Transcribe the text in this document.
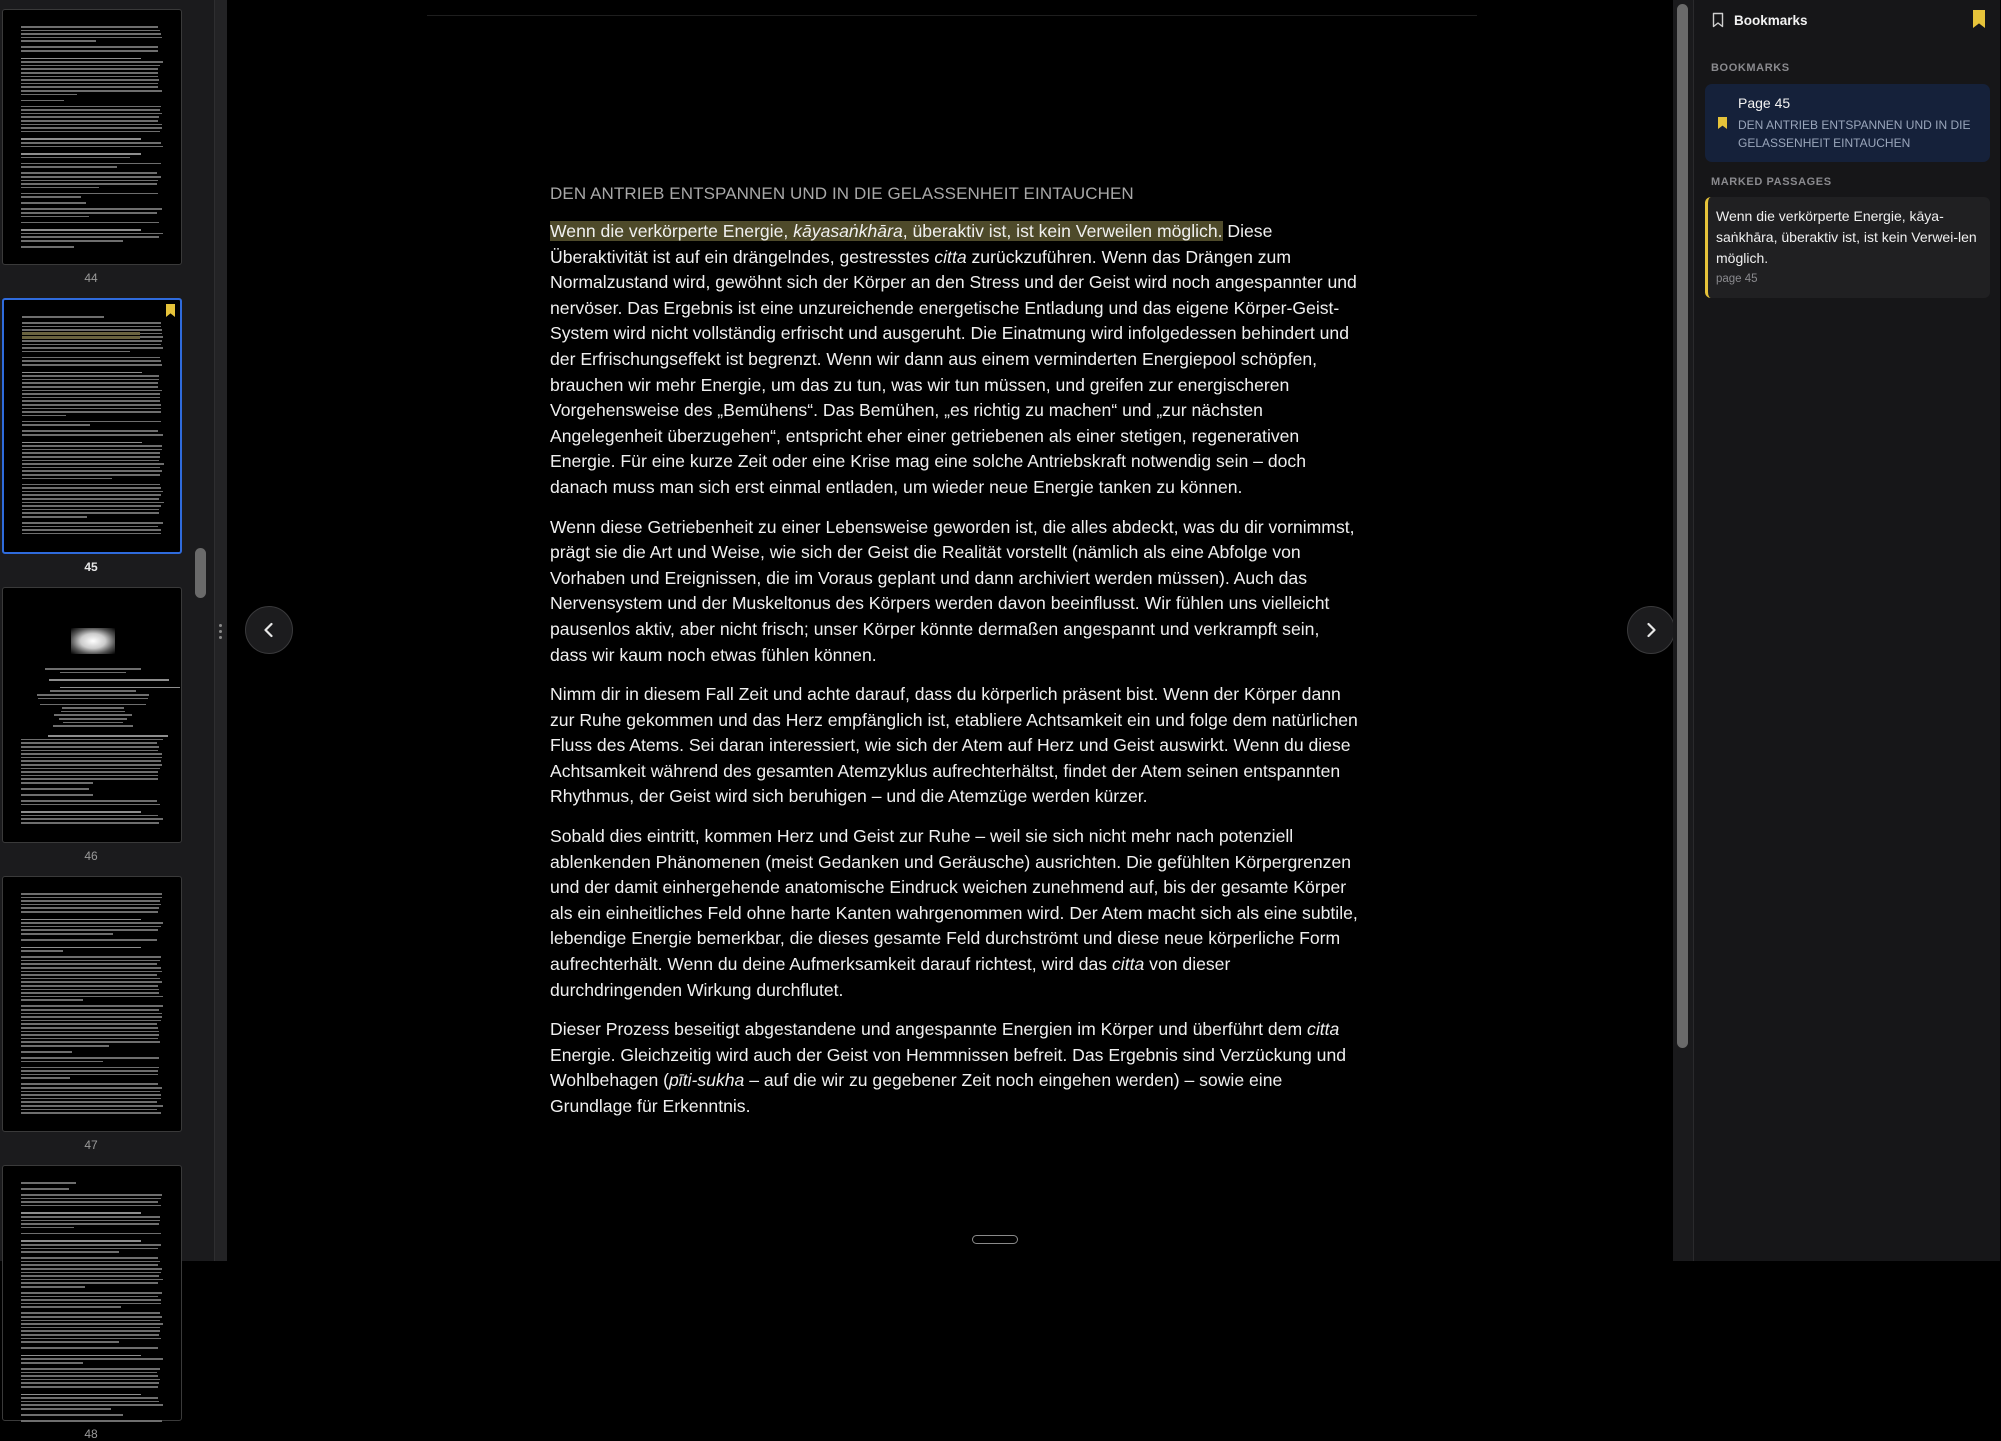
44
45
46
47
48
DEN ANTRIEB ENTSPANNEN UND IN DIE GELASSENHEIT EINTAUCHEN

Wenn die verkörperte Energie, kāyasaṅkhāra, überaktiv ist, ist kein Verweilen möglich. Diese Überaktivität ist auf ein drängelndes, gestresstes citta zurückzuführen. Wenn das Drängen zum Normalzustand wird, gewöhnt sich der Körper an den Stress und der Geist wird noch angespannter und nervöser. Das Ergebnis ist eine unzureichende energetische Entladung und das eigene Körper-Geist-System wird nicht vollständig erfrischt und ausgeruht. Die Einatmung wird infolgedessen behindert und der Erfrischungseffekt ist begrenzt. Wenn wir dann aus einem verminderten Energiepool schöpfen, brauchen wir mehr Energie, um das zu tun, was wir tun müssen, und greifen zur energischeren Vorgehensweise des „Bemühens“. Das Bemühen, „es richtig zu machen“ und „zur nächsten Angelegenheit überzugehen“, entspricht eher einer getriebenen als einer stetigen, regenerativen Energie. Für eine kurze Zeit oder eine Krise mag eine solche Antriebskraft notwendig sein – doch danach muss man sich erst einmal entladen, um wieder neue Energie tanken zu können.

Wenn diese Getriebenheit zu einer Lebensweise geworden ist, die alles abdeckt, was du dir vornimmst, prägt sie die Art und Weise, wie sich der Geist die Realität vorstellt (nämlich als eine Abfolge von Vorhaben und Ereignissen, die im Voraus geplant und dann archiviert werden müssen). Auch das Nervensystem und der Muskeltonus des Körpers werden davon beeinflusst. Wir fühlen uns vielleicht pausenlos aktiv, aber nicht frisch; unser Körper könnte dermaßen angespannt und verkrampft sein, dass wir kaum noch etwas fühlen können.

Nimm dir in diesem Fall Zeit und achte darauf, dass du körperlich präsent bist. Wenn der Körper dann zur Ruhe gekommen und das Herz empfänglich ist, etabliere Achtsamkeit ein und folge dem natürlichen Fluss des Atems. Sei daran interessiert, wie sich der Atem auf Herz und Geist auswirkt. Wenn du diese Achtsamkeit während des gesamten Atemzyklus aufrechterhältst, findet der Atem seinen entspannten Rhythmus, der Geist wird sich beruhigen – und die Atemzüge werden kürzer.

Sobald dies eintritt, kommen Herz und Geist zur Ruhe – weil sie sich nicht mehr nach potenziell ablenkenden Phänomenen (meist Gedanken und Geräusche) ausrichten. Die gefühlten Körpergrenzen und der damit einhergehende anatomische Eindruck weichen zunehmend auf, bis der gesamte Körper als ein einheitliches Feld ohne harte Kanten wahrgenommen wird. Der Atem macht sich als eine subtile, lebendige Energie bemerkbar, die dieses gesamte Feld durchströmt und diese neue körperliche Form aufrechterhält. Wenn du deine Aufmerksamkeit darauf richtest, wird das citta von dieser durchdringenden Wirkung durchflutet.

Dieser Prozess beseitigt abgestandene und angespannte Energien im Körper und überführt dem citta Energie. Gleichzeitig wird auch der Geist von Hemmnissen befreit. Das Ergebnis sind Verzückung und Wohlbehagen (pīti-sukha – auf die wir zu gegebener Zeit noch eingehen werden) – sowie eine Grundlage für Erkenntnis.

Bookmarks
BOOKMARKS
Page 45
DEN ANTRIEB ENTSPANNEN UND IN DIE GELASSENHEIT EINTAUCHEN
MARKED PASSAGES
Wenn die verkörperte Energie, kāya-saṅkhāra, überaktiv ist, ist kein Verwei-len möglich.
page 45
